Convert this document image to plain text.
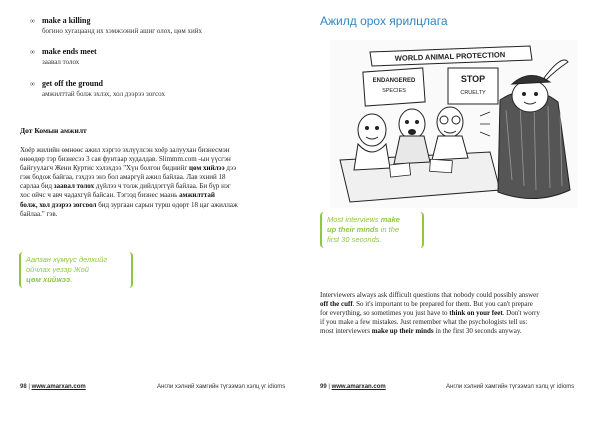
∞ make a killing
богино хугацаанд их хэмжээний ашиг олох, цөм хийх
∞ make ends meet
заавал толох
∞ get off the ground
амжилттай болж эхлэх, хол дээрээ зогсох
Дот Комын амжилт
Хоёр жилийн өмнөөс ажил хэргээ эхлүүлсэн хоёр залуухан бизнесмэн
өнөөдөр тэр бизнесээ 3 сая фунтаар худалдав. Slimmm.com -ын үүсгэн
байгуулагч Жени Куртис хэлэхдээ "Хүн болгон биднийг цөм хийлээ дээ
гэж бодож байгаа, гэхдээ энэ бол амаргүй ажил байлаа. Лав эхний 18
сарлаа бид заавал толох дүйлээ ч толж дийлдэггүй байлаа. Би бүр нэг
хос ойчс ч авч чадахгүй байсан. Тэгээд бизнес маань амжилттай
болж, хол дээрээ зогсоол бид зургаан сарын турш өдөрт 18 цаг ажиллаж
байлаа." гэв.
Аапзан хүмүүс делхийг
ойчлах үезэр Жой
цөм хийжээ.
98 | www.amarxan.com	Англи хэлний хамгийн түгээмэл хэлц үг idioms
Ажилд орох ярилцлага
WORLD ANIMAL PROTECTION
ENDANGERED
SPECIES
STOP
CRUELTY
Most interviews make
up their minds in the
first 30 seconds.
Interviewers always ask difficult questions that nobody could possibly answer
off the cuff. So it's important to be prepared for them. But you can't prepare
for everything, so sometimes you just have to think on your feet. Don't worry
if you make a few mistakes. Just remember what the psychologists tell us:
most interviewers make up their minds in the first 30 seconds anyway.
99 | www.amarxan.com	Англи хэлний хамгийн түгээмэл хэлц үг idioms
